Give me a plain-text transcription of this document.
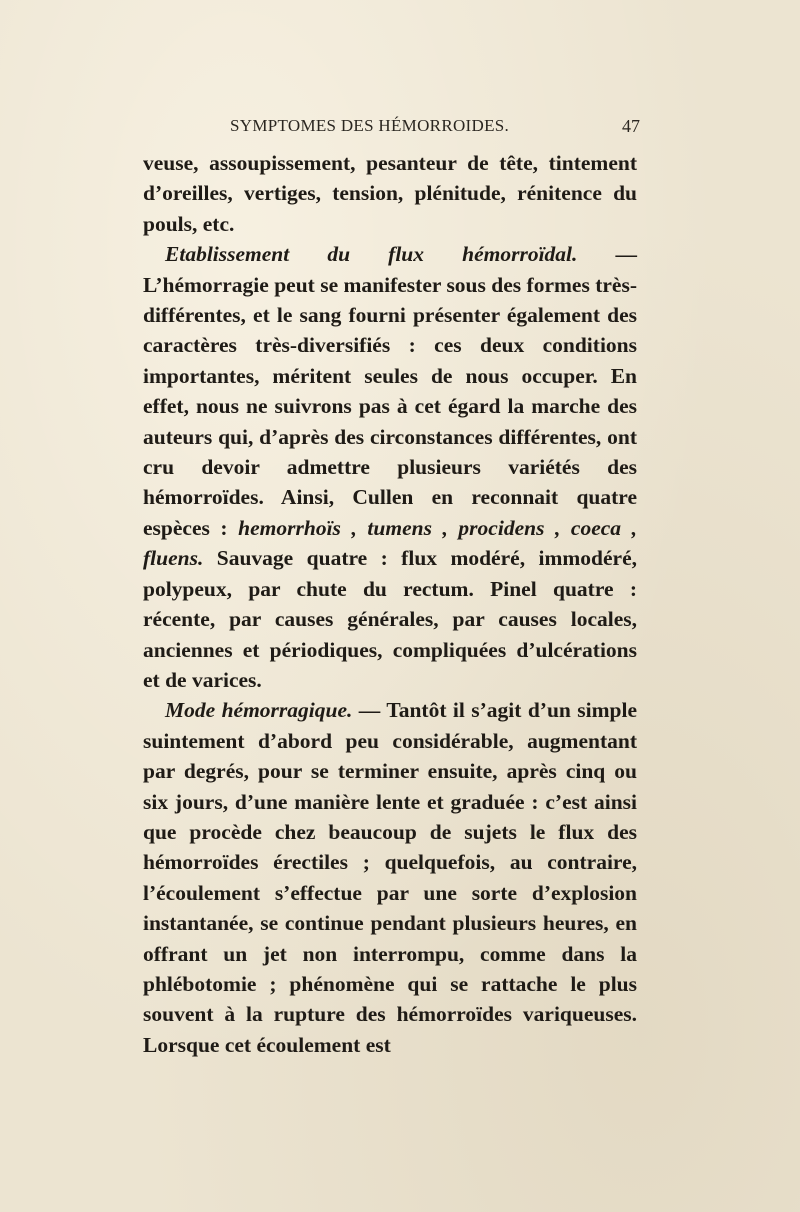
SYMPTOMES DES HÉMORROIDES.	47

veuse, assoupissement, pesanteur de tête, tintement d’oreilles, vertiges, tension, plénitude, rénitence du pouls, etc.

Etablissement du flux hémorroïdal. — L’hémorragie peut se manifester sous des formes très-différentes, et le sang fourni présenter également des caractères très-diversifiés : ces deux conditions importantes, méritent seules de nous occuper. En effet, nous ne suivrons pas à cet égard la marche des auteurs qui, d’après des circonstances différentes, ont cru devoir admettre plusieurs variétés des hémorroïdes. Ainsi, Cullen en reconnait quatre espèces : hemorrhoïs , tumens , procidens , coeca , fluens. Sauvage quatre : flux modéré, immodéré, polypeux, par chute du rectum. Pinel quatre : récente, par causes générales, par causes locales, anciennes et périodiques, compliquées d’ulcérations et de varices.

Mode hémorragique. — Tantôt il s’agit d’un simple suintement d’abord peu considérable, augmentant par degrés, pour se terminer ensuite, après cinq ou six jours, d’une manière lente et graduée : c’est ainsi que procède chez beaucoup de sujets le flux des hémorroïdes érectiles ; quelquefois, au contraire, l’écoulement s’effectue par une sorte d’explosion instantanée, se continue pendant plusieurs heures, en offrant un jet non interrompu, comme dans la phlébotomie ; phénomène qui se rattache le plus souvent à la rupture des hémorroïdes variqueuses. Lorsque cet écoulement est
